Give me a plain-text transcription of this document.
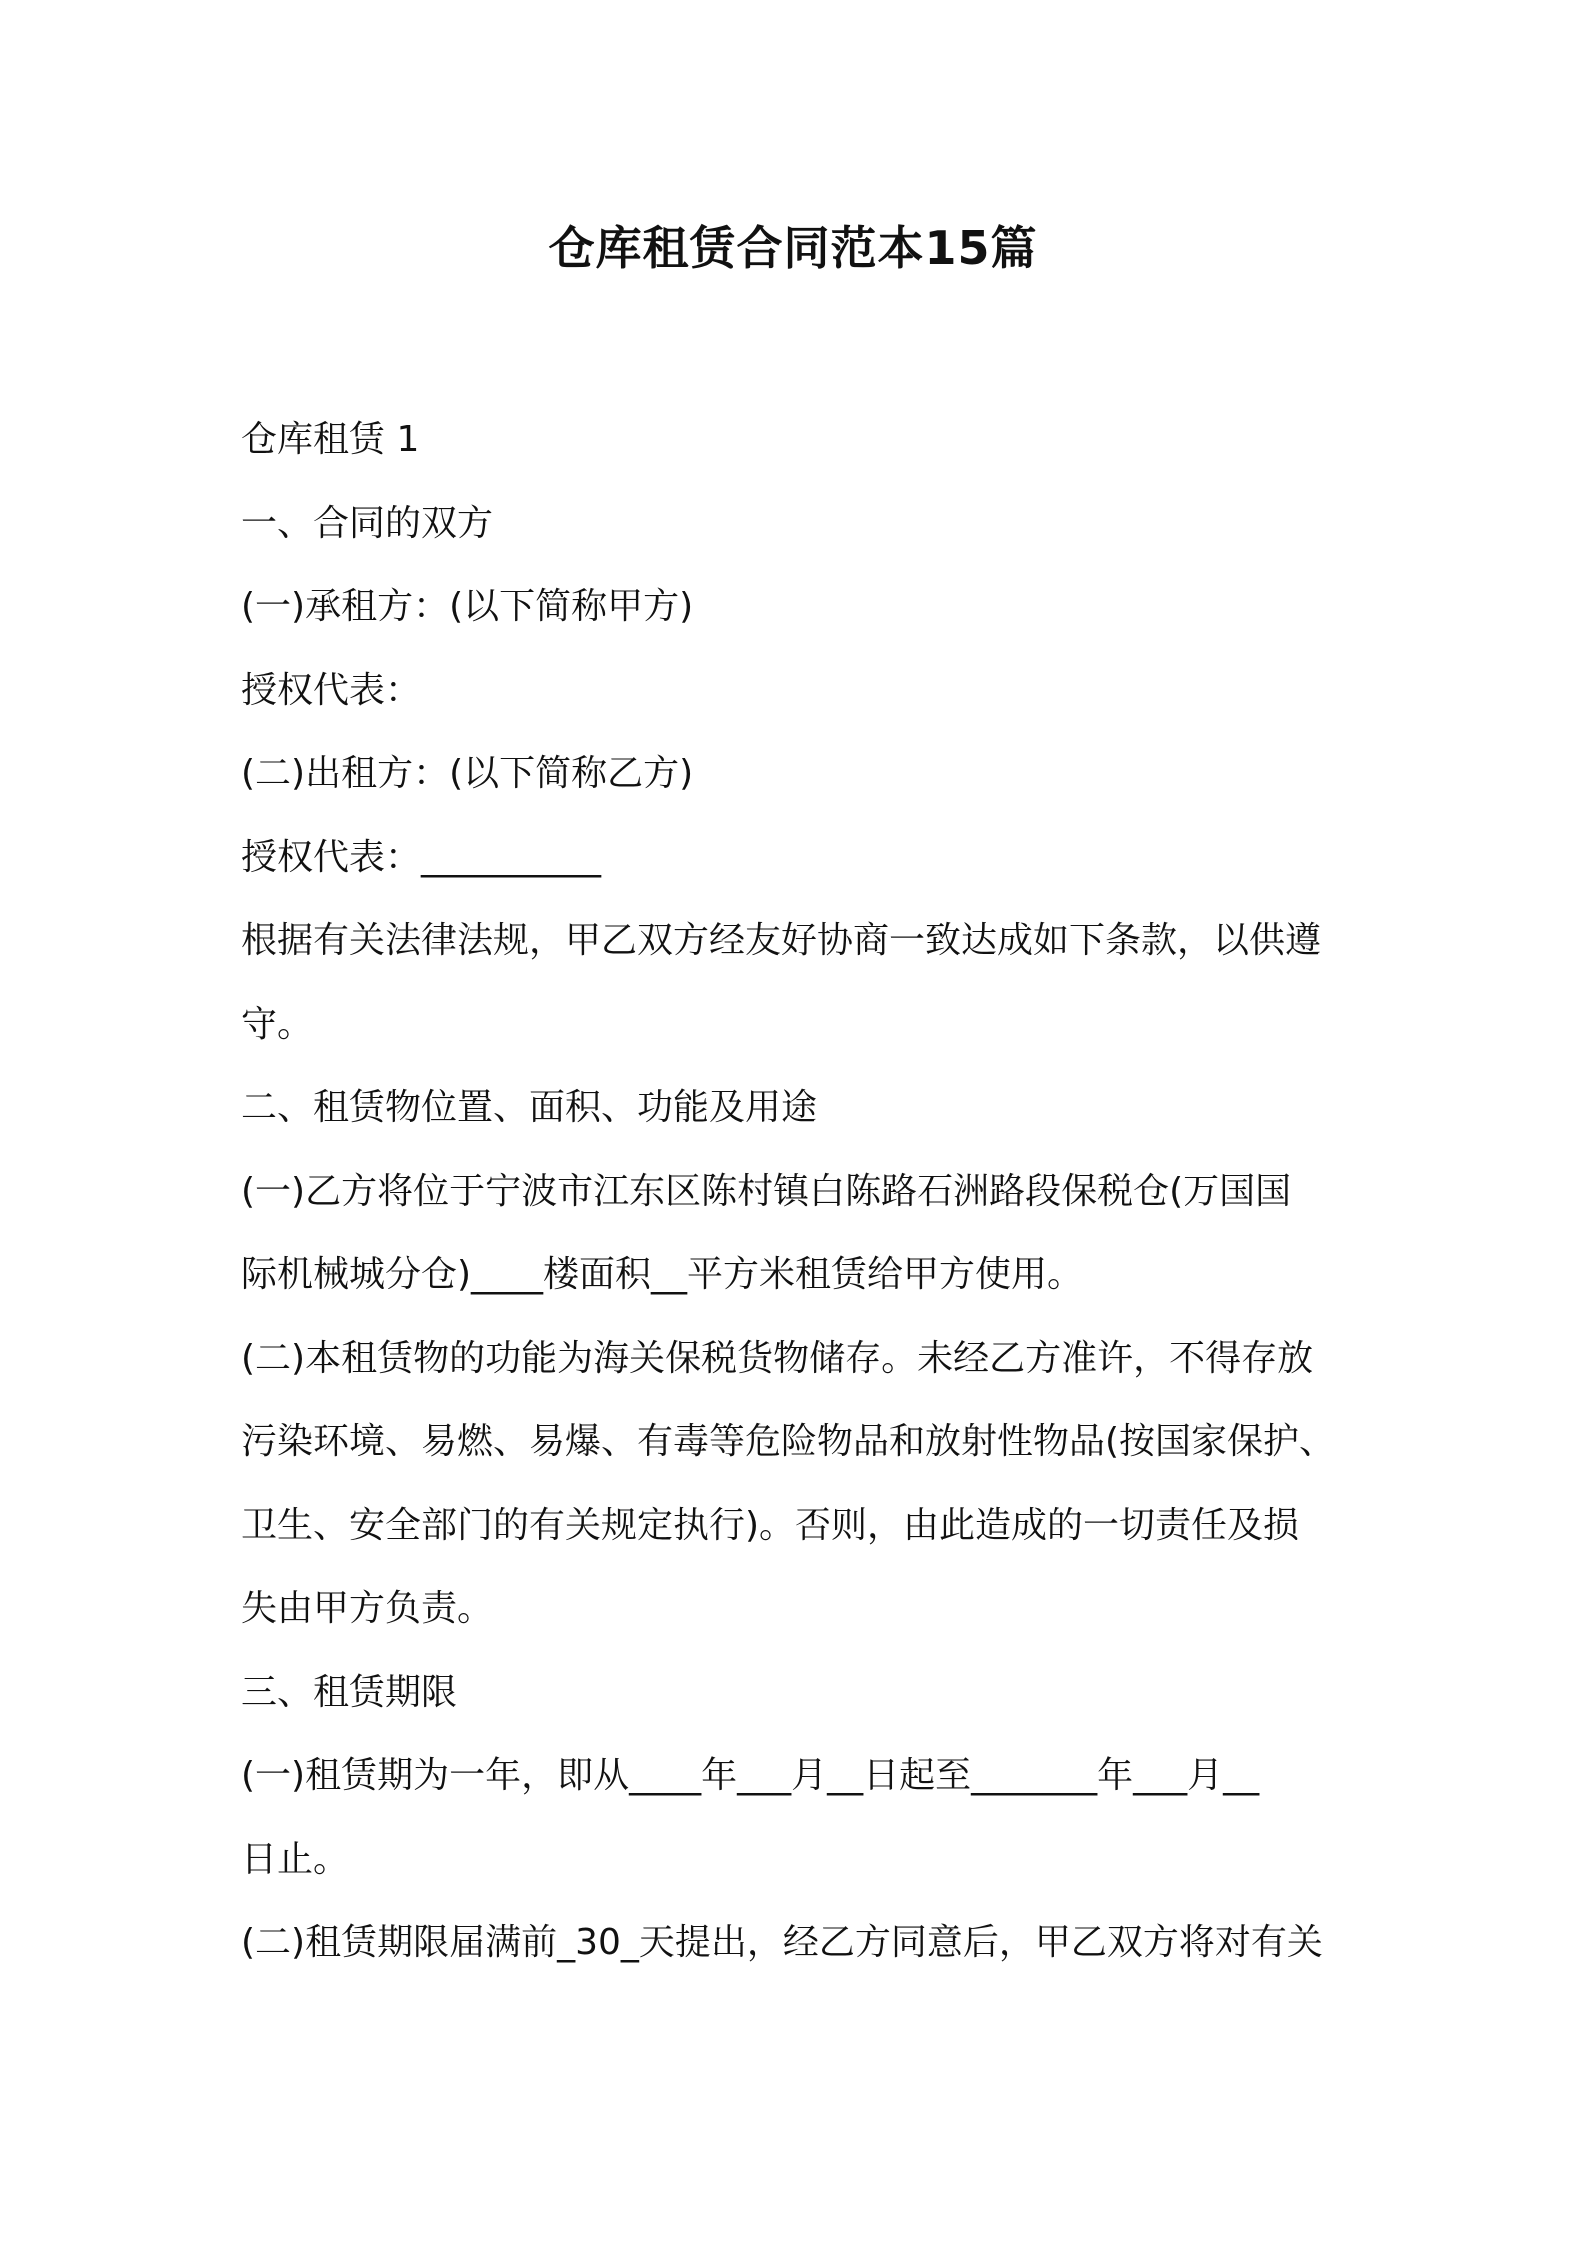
仓库租赁合同范本15篇
仓库租赁 1
一、合同的双方
(一)承租方：(以下简称甲方)
授权代表：
(二)出租方：(以下简称乙方)
授权代表：__________
根据有关法律法规，甲乙双方经友好协商一致达成如下条款，以供遵
守。
二、租赁物位置、面积、功能及用途
(一)乙方将位于宁波市江东区陈村镇白陈路石洲路段保税仓(万国国
际机械城分仓)____楼面积__平方米租赁给甲方使用。
(二)本租赁物的功能为海关保税货物储存。未经乙方准许，不得存放
污染环境、易燃、易爆、有毒等危险物品和放射性物品(按国家保护、
卫生、安全部门的有关规定执行)。否则，由此造成的一切责任及损
失由甲方负责。
三、租赁期限
(一)租赁期为一年，即从____年___月__日起至_______年___月__
日止。
(二)租赁期限届满前_30_天提出，经乙方同意后，甲乙双方将对有关
